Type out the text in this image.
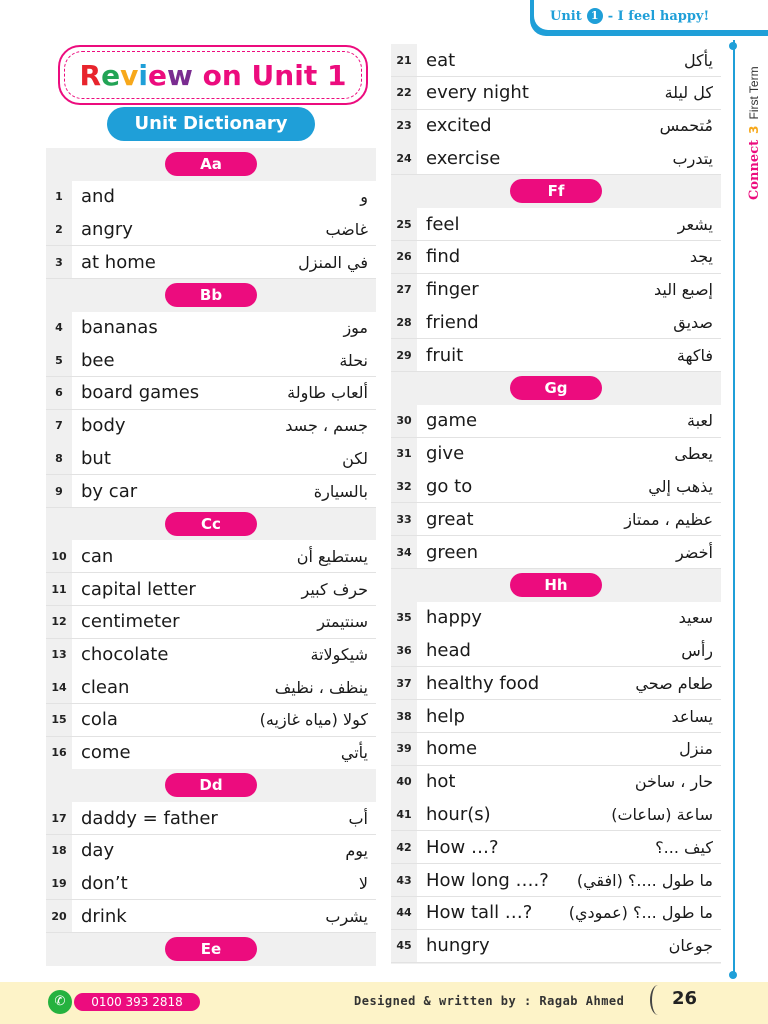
Unit 1 - I feel happy!
Connect
3
First Term
R e v i e w
o n
U n i t
1
Unit Dictionary
Aa
1	and	و
2	angry	غاضب
3	at home	في المنزل
Bb
4	bananas	موز
5	bee	نحلة
6	board games	ألعاب طاولة
7	body	جسم ، جسد
8	but	لكن
9	by car	بالسيارة
Cc
10 can	يستطيع أن
11 capital letter	حرف كبير
12 centimeter	سنتيمتر
13 chocolate	شيكولاتة
14 clean	ينظف ، نظيف
15 cola	كولا (مياه غازيه)
16 come	يأتي
Dd
17 daddy = father	أب
18 day	يوم
19 don’t	لا
20 drink	يشرب
Ee
21 eat	يأكل
22 every night	كل ليلة
23 excited	مُتحمس
24 exercise	يتدرب
Ff
25 feel	يشعر
26 find	يجد
27 finger	إصبع اليد
28 friend	صديق
29 fruit	فاكهة
Gg
30 game	لعبة
31 give	يعطى
32 go to	يذهب إلي
33 great	عظيم ، ممتاز
34 green	أخضر
Hh
35 happy	سعيد
36 head	رأس
37 healthy food	طعام صحي
38 help	يساعد
39 home	منزل
40 hot	حار ، ساخن
41 hour(s)	ساعة (ساعات)
42 How …?	كيف ...؟
43 How long ….?	ما طول ....؟ (افقي)
44 How tall …?	ما طول ...؟ (عمودي)
45 hungry	جوعان
✆	0100 393 2818	Designed & written by : Ragab Ahmed	26
